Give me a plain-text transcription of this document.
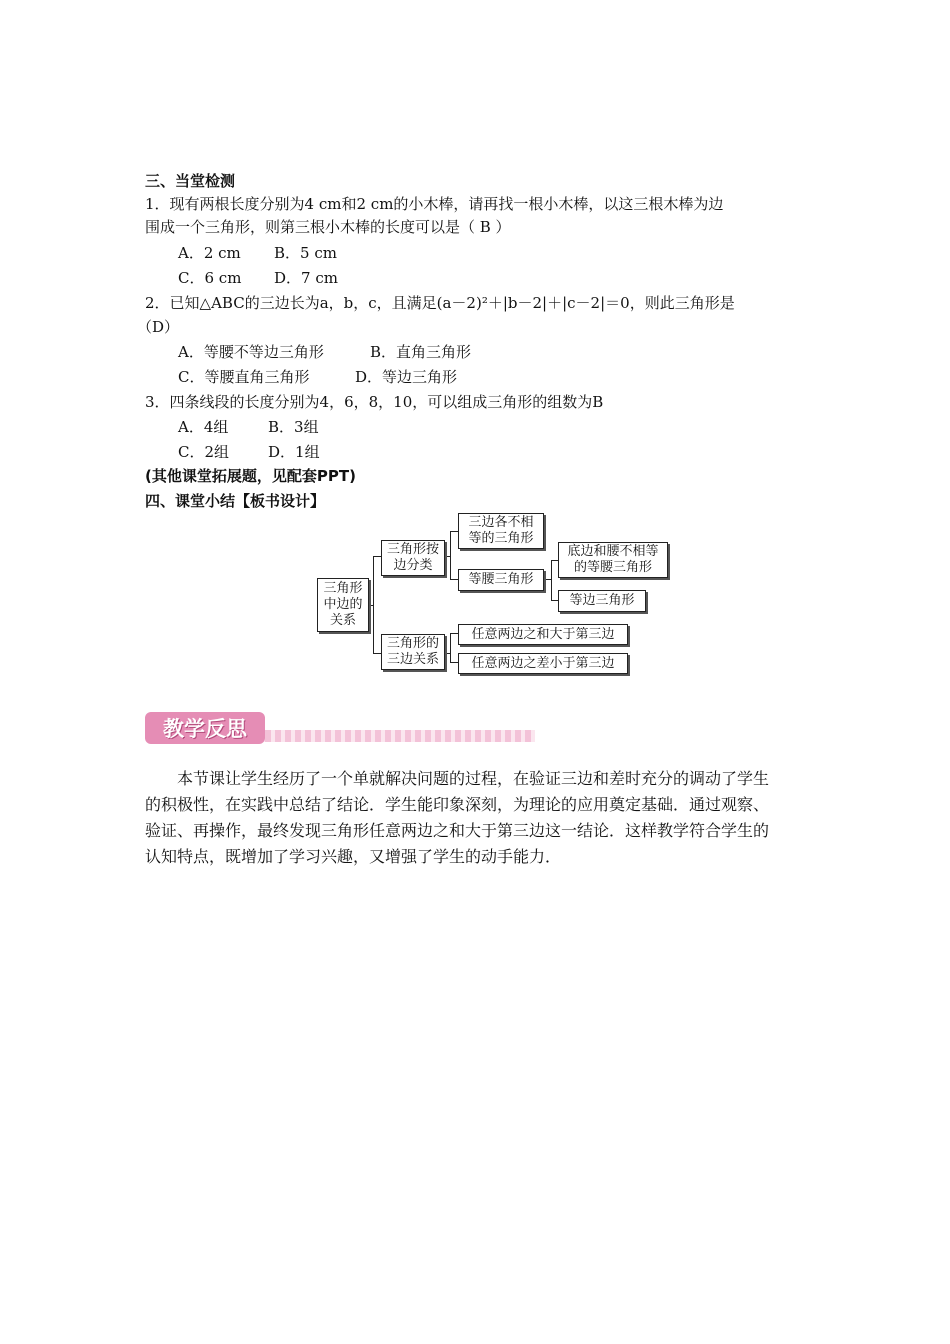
三、当堂检测
1．现有两根长度分别为4 cm和2 cm的小木棒，请再找一根小木棒，以这三根木棒为边
围成一个三角形，则第三根小木棒的长度可以是（ B ）
A．2 cm B．5 cm
C．6 cm D．7 cm
2．已知△ABC的三边长为a，b，c，且满足(a－2)²＋|b－2|＋|c－2|＝0，则此三角形是
（D）
A．等腰不等边三角形	B．直角三角形
C．等腰直角三角形	D．等边三角形
3．四条线段的长度分别为4，6，8，10，可以组成三角形的组数为B
A．4组	B．3组
C．2组	D．1组
(其他课堂拓展题，见配套PPT)
四、课堂小结【板书设计】
三角形中边的关系
三角形按边分类
三边各不相等的三角形
等腰三角形
底边和腰不相等的等腰三角形
等边三角形
三角形的三边关系
任意两边之和大于第三边
任意两边之差小于第三边
教学反思
本节课让学生经历了一个单就解决问题的过程，在验证三边和差时充分的调动了学生
的积极性，在实践中总结了结论．学生能印象深刻，为理论的应用奠定基础．通过观察、
验证、再操作，最终发现三角形任意两边之和大于第三边这一结论．这样教学符合学生的
认知特点，既增加了学习兴趣，又增强了学生的动手能力．
